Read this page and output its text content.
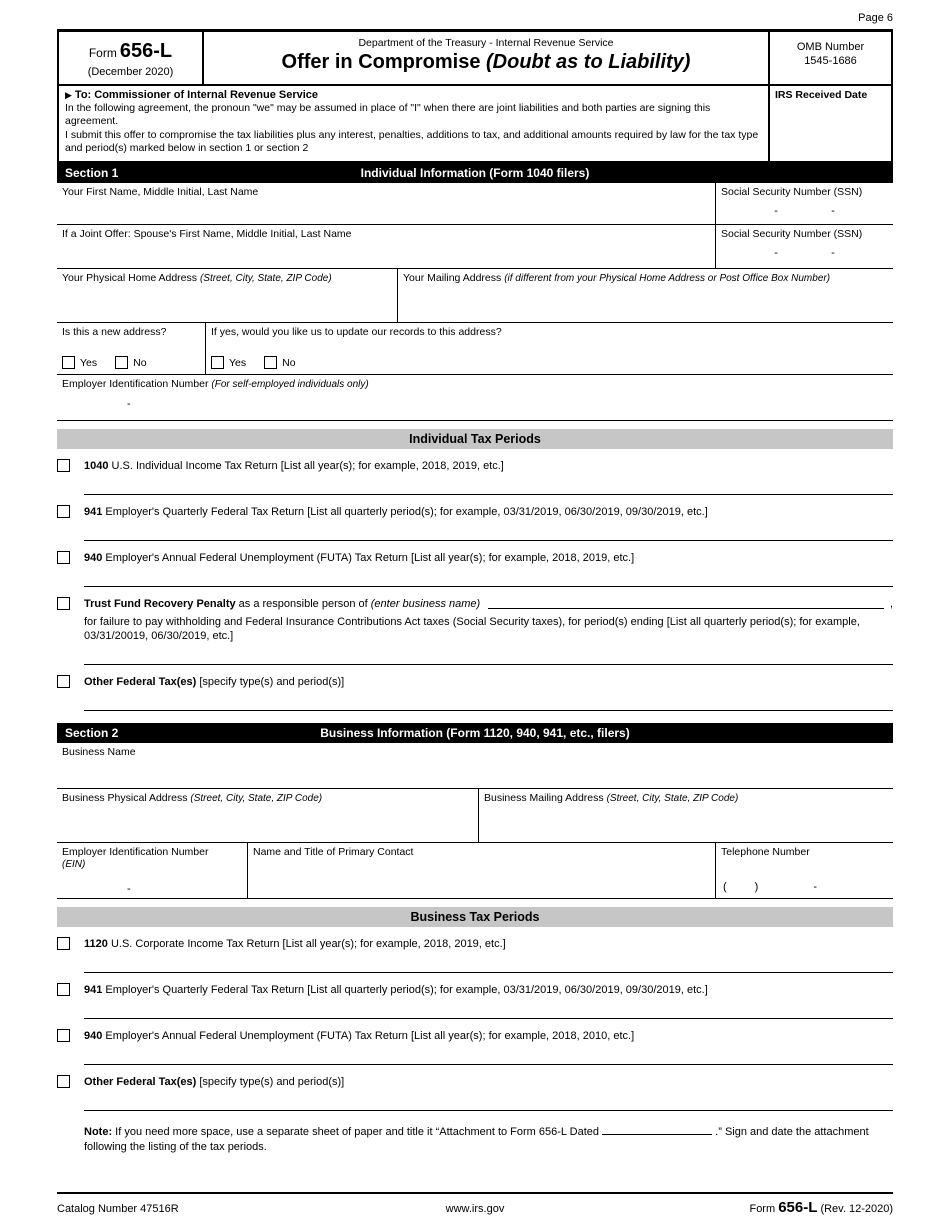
Page 6
Form 656-L
(December 2020)
Department of the Treasury - Internal Revenue Service
Offer in Compromise (Doubt as to Liability)
OMB Number
1545-1686
▶ To: Commissioner of Internal Revenue Service
In the following agreement, the pronoun "we" may be assumed in place of "I" when there are joint liabilities and both parties are signing this agreement.
I submit this offer to compromise the tax liabilities plus any interest, penalties, additions to tax, and additional amounts required by law for the tax type and period(s) marked below in section 1 or section 2
IRS Received Date
Individual Information (Form 1040 filers)
Section 1
Your First Name, Middle Initial, Last Name	Social Security Number (SSN)
-	-
If a Joint Offer: Spouse's First Name, Middle Initial, Last Name	Social Security Number (SSN)
-	-
Your Physical Home Address (Street, City, State, ZIP Code)	Your Mailing Address (if different from your Physical Home Address or Post Office Box Number)
Is this a new address?
Yes	No
If yes, would you like us to update our records to this address?
Yes	No
Employer Identification Number (For self-employed individuals only)
-
Individual Tax Periods
1040 U.S. Individual Income Tax Return [List all year(s); for example, 2018, 2019, etc.]
941 Employer's Quarterly Federal Tax Return [List all quarterly period(s); for example, 03/31/2019, 06/30/2019, 09/30/2019, etc.]
940 Employer's Annual Federal Unemployment (FUTA) Tax Return [List all year(s); for example, 2018, 2019, etc.]
Trust Fund Recovery Penalty as a responsible person of (enter business name)	,
for failure to pay withholding and Federal Insurance Contributions Act taxes (Social Security taxes), for period(s) ending [List all quarterly period(s); for example, 03/31/20019, 06/30/2019, etc.]
Other Federal Tax(es) [specify type(s) and period(s)]
Business Information (Form 1120, 940, 941, etc., filers)
Section 2
Business Name
Business Physical Address (Street, City, State, ZIP Code)	Business Mailing Address (Street, City, State, ZIP Code)
Employer Identification Number
(EIN)
-
Name and Title of Primary Contact	Telephone Number
(	)	-
Business Tax Periods
1120 U.S. Corporate Income Tax Return [List all year(s); for example, 2018, 2019, etc.]
941 Employer's Quarterly Federal Tax Return [List all quarterly period(s); for example, 03/31/2019, 06/30/2019, 09/30/2019, etc.]
940 Employer's Annual Federal Unemployment (FUTA) Tax Return [List all year(s); for example, 2018, 2010, etc.]
Other Federal Tax(es) [specify type(s) and period(s)]
Note: If you need more space, use a separate sheet of paper and title it “Attachment to Form 656-L Dated	.” Sign and date the attachment following the listing of the tax periods.
Catalog Number 47516R	www.irs.gov	Form 656-L (Rev. 12-2020)
